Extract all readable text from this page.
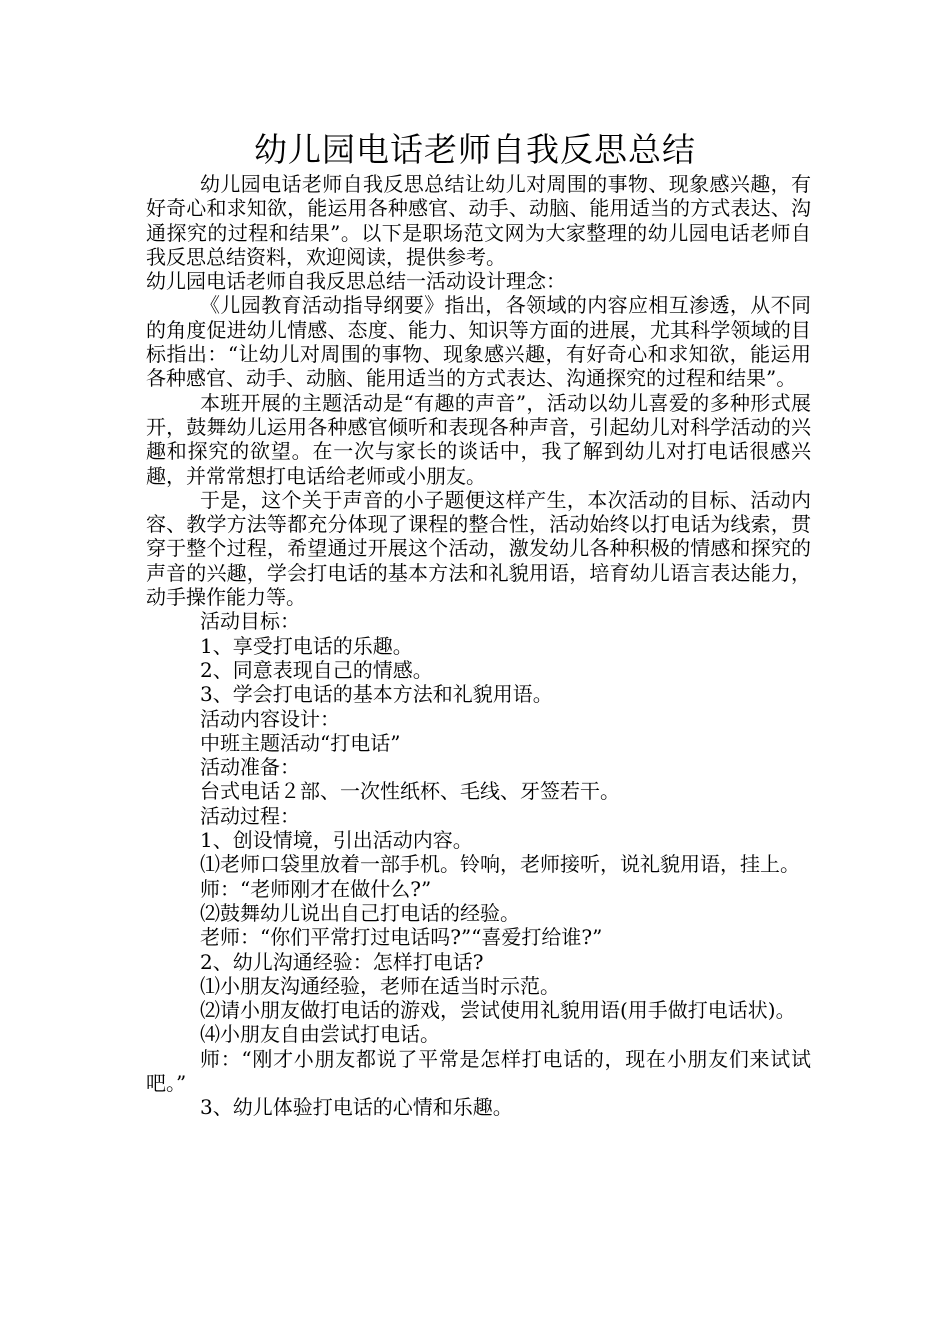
幼儿园电话老师自我反思总结

幼儿园电话老师自我反思总结让幼儿对周围的事物、现象感兴趣，有好奇心和求知欲，能运用各种感官、动手、动脑、能用适当的方式表达、沟通探究的过程和结果”。以下是职场范文网为大家整理的幼儿园电话老师自我反思总结资料，欢迎阅读，提供参考。

幼儿园电话老师自我反思总结一活动设计理念：

《儿园教育活动指导纲要》指出，各领域的内容应相互渗透，从不同的角度促进幼儿情感、态度、能力、知识等方面的进展，尤其科学领域的目标指出：“让幼儿对周围的事物、现象感兴趣，有好奇心和求知欲，能运用各种感官、动手、动脑、能用适当的方式表达、沟通探究的过程和结果”。

本班开展的主题活动是“有趣的声音”，活动以幼儿喜爱的多种形式展开，鼓舞幼儿运用各种感官倾听和表现各种声音，引起幼儿对科学活动的兴趣和探究的欲望。在一次与家长的谈话中，我了解到幼儿对打电话很感兴趣，并常常想打电话给老师或小朋友。

于是，这个关于声音的小子题便这样产生，本次活动的目标、活动内容、教学方法等都充分体现了课程的整合性，活动始终以打电话为线索，贯穿于整个过程，希望通过开展这个活动，激发幼儿各种积极的情感和探究的声音的兴趣，学会打电话的基本方法和礼貌用语，培育幼儿语言表达能力，动手操作能力等。

活动目标：

1、享受打电话的乐趣。

2、同意表现自己的情感。

3、学会打电话的基本方法和礼貌用语。

活动内容设计：

中班主题活动“打电话”

活动准备：

台式电话２部、一次性纸杯、毛线、牙签若干。

活动过程：

1、创设情境，引出活动内容。

⑴老师口袋里放着一部手机。铃响，老师接听，说礼貌用语，挂上。

师：“老师刚才在做什么?”

⑵鼓舞幼儿说出自己打电话的经验。

老师：“你们平常打过电话吗?”“喜爱打给谁?”

2、幼儿沟通经验：怎样打电话?

⑴小朋友沟通经验，老师在适当时示范。

⑵请小朋友做打电话的游戏，尝试使用礼貌用语(用手做打电话状)。

⑷小朋友自由尝试打电话。

师：“刚才小朋友都说了平常是怎样打电话的，现在小朋友们来试试吧。”

3、幼儿体验打电话的心情和乐趣。
